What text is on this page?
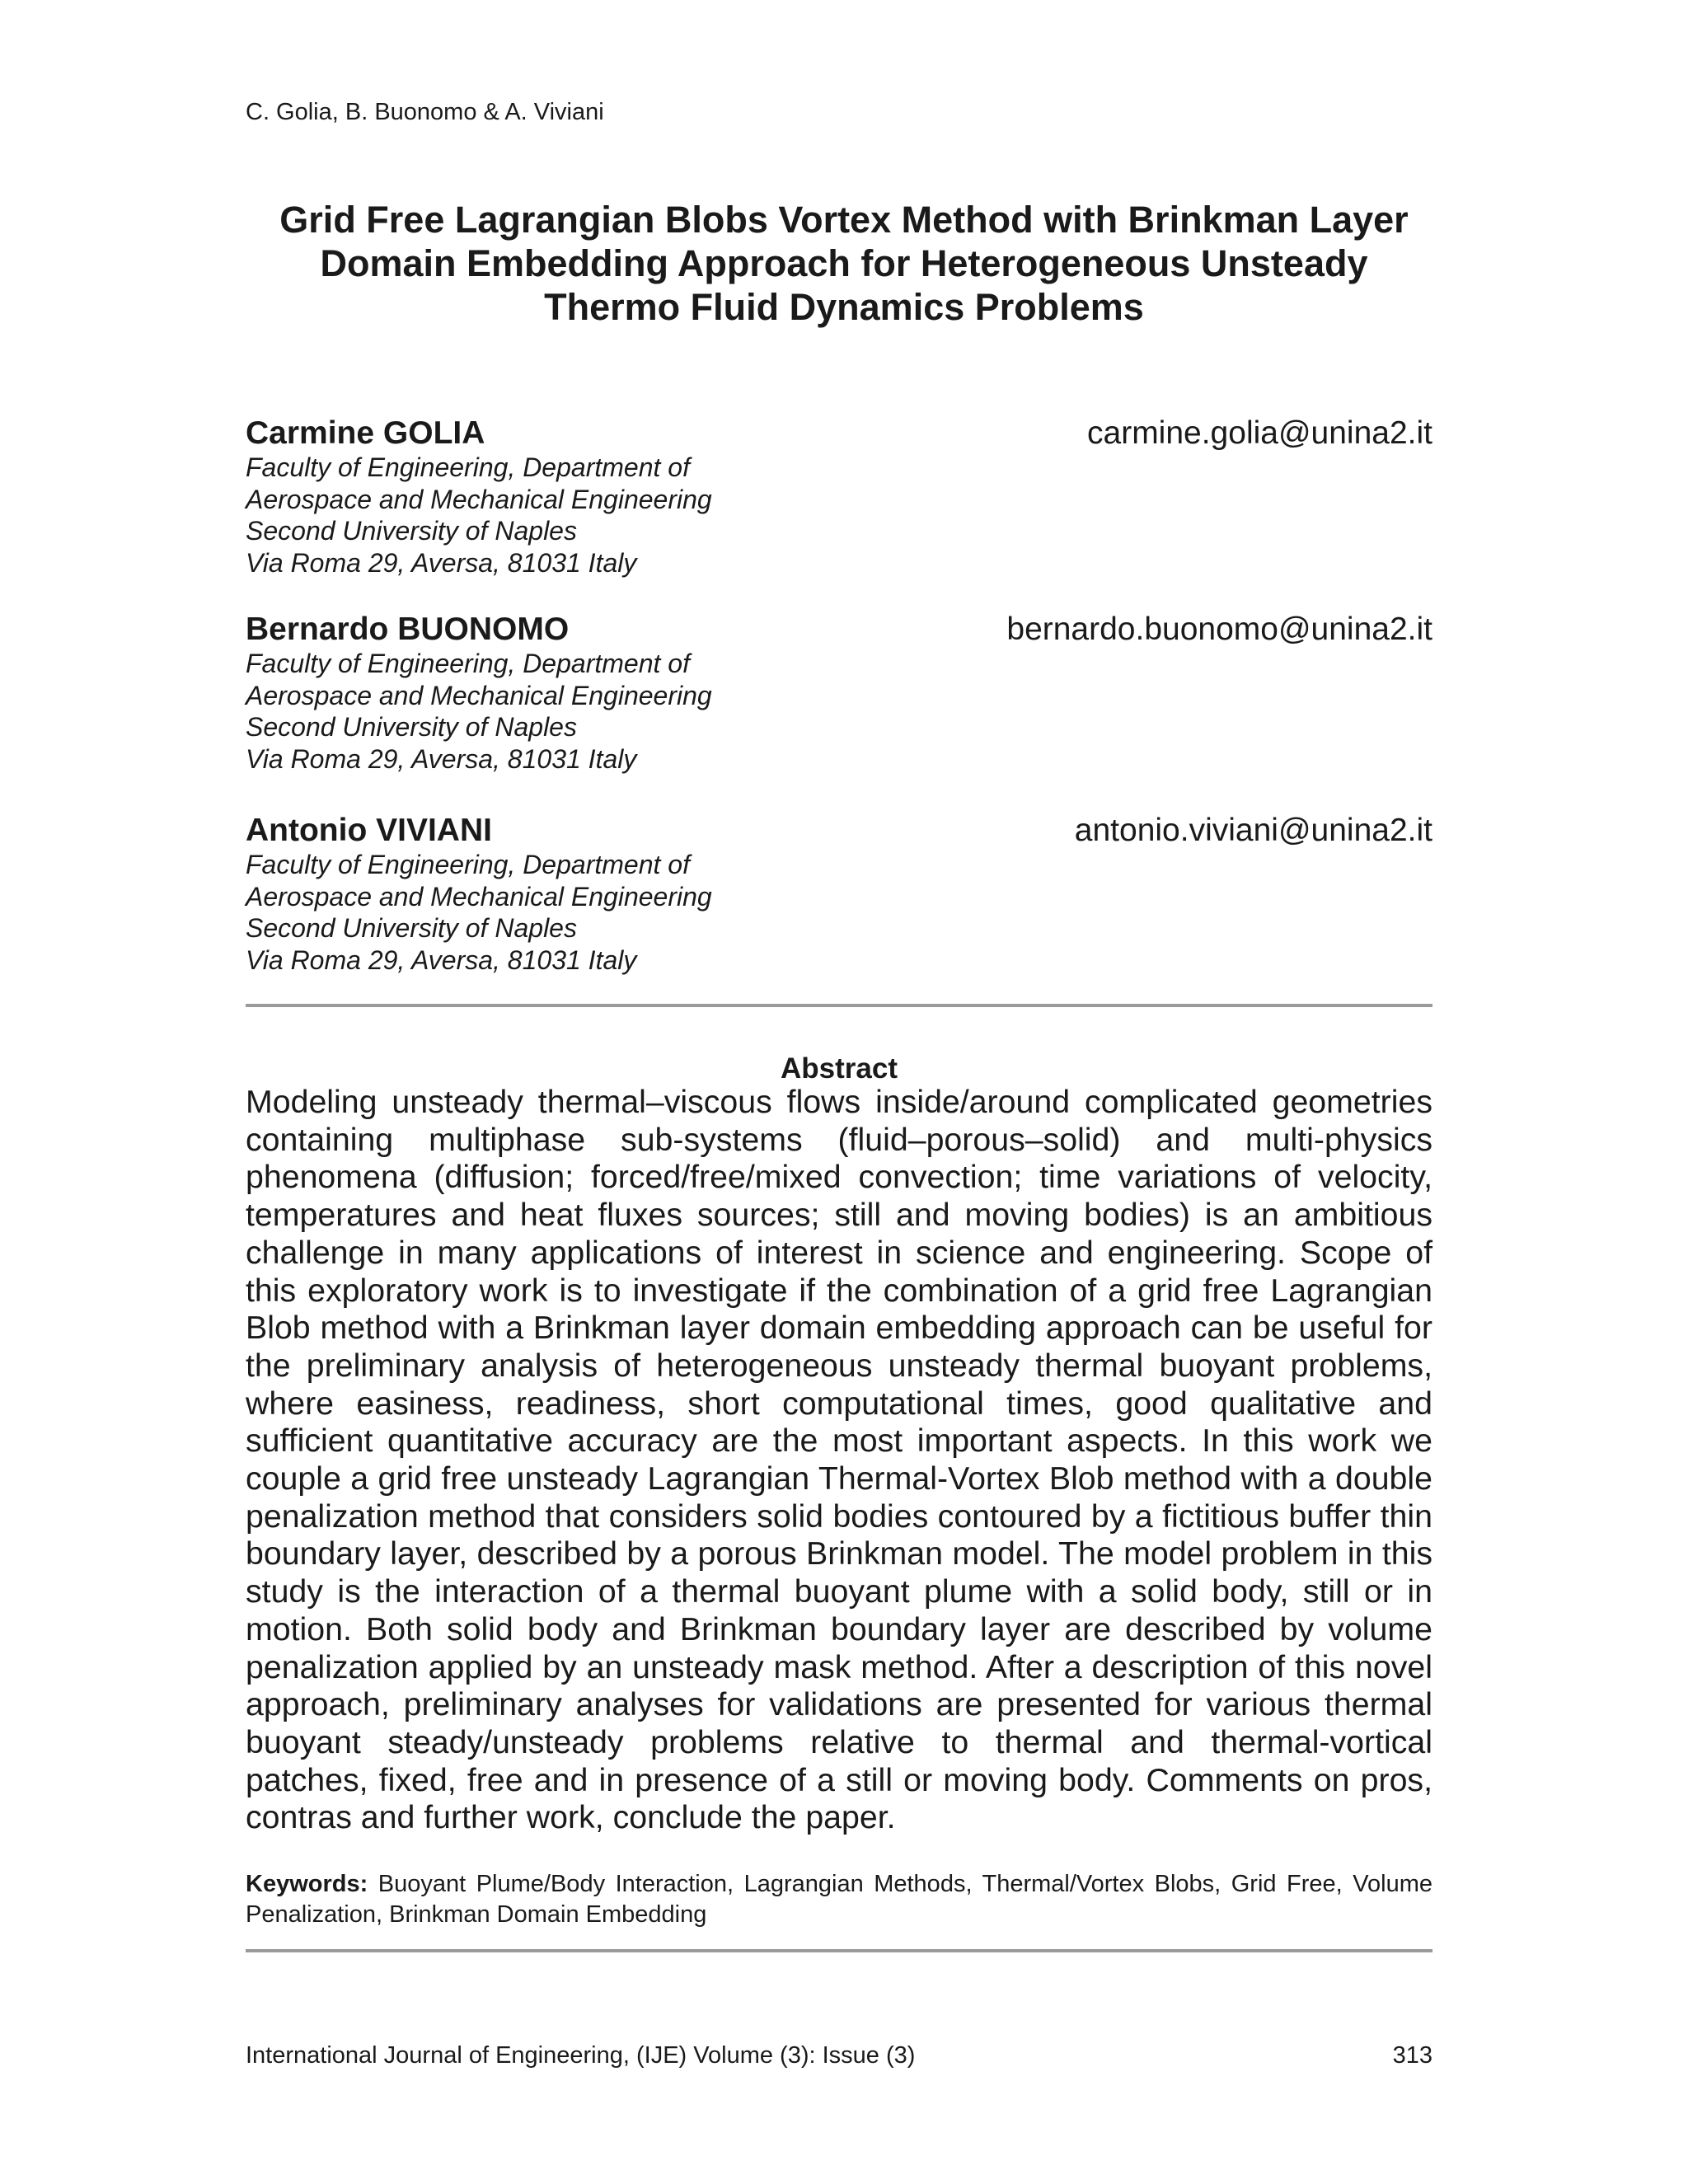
C. Golia, B. Buonomo & A. Viviani
Grid Free Lagrangian Blobs Vortex Method with Brinkman Layer
Domain Embedding Approach for Heterogeneous Unsteady
Thermo Fluid Dynamics Problems
Carmine GOLIA	carmine.golia@unina2.it
Faculty of Engineering, Department of
Aerospace and Mechanical Engineering
Second University of Naples
Via Roma 29, Aversa, 81031 Italy
Bernardo BUONOMO	bernardo.buonomo@unina2.it
Faculty of Engineering, Department of
Aerospace and Mechanical Engineering
Second University of Naples
Via Roma 29, Aversa, 81031 Italy
Antonio VIVIANI	antonio.viviani@unina2.it
Faculty of Engineering, Department of
Aerospace and Mechanical Engineering
Second University of Naples
Via Roma 29, Aversa, 81031 Italy
Abstract
Modeling unsteady thermal–viscous flows inside/around complicated geometries containing multiphase sub-systems (fluid–porous–solid) and multi-physics phenomena (diffusion; forced/free/mixed convection; time variations of velocity, temperatures and heat fluxes sources; still and moving bodies) is an ambitious challenge in many applications of interest in science and engineering. Scope of this exploratory work is to investigate if the combination of a grid free Lagrangian Blob method with a Brinkman layer domain embedding approach can be useful for the preliminary analysis of heterogeneous unsteady thermal buoyant problems, where easiness, readiness, short computational times, good qualitative and sufficient quantitative accuracy are the most important aspects. In this work we couple a grid free unsteady Lagrangian Thermal-Vortex Blob method with a double penalization method that considers solid bodies contoured by a fictitious buffer thin boundary layer, described by a porous Brinkman model. The model problem in this study is the interaction of a thermal buoyant plume with a solid body, still or in motion. Both solid body and Brinkman boundary layer are described by volume penalization applied by an unsteady mask method. After a description of this novel approach, preliminary analyses for validations are presented for various thermal buoyant steady/unsteady problems relative to thermal and thermal-vortical patches, fixed, free and in presence of a still or moving body. Comments on pros, contras and further work, conclude the paper.
Keywords: Buoyant Plume/Body Interaction, Lagrangian Methods, Thermal/Vortex Blobs, Grid Free, Volume Penalization, Brinkman Domain Embedding
International Journal of Engineering, (IJE) Volume (3): Issue (3)	313
